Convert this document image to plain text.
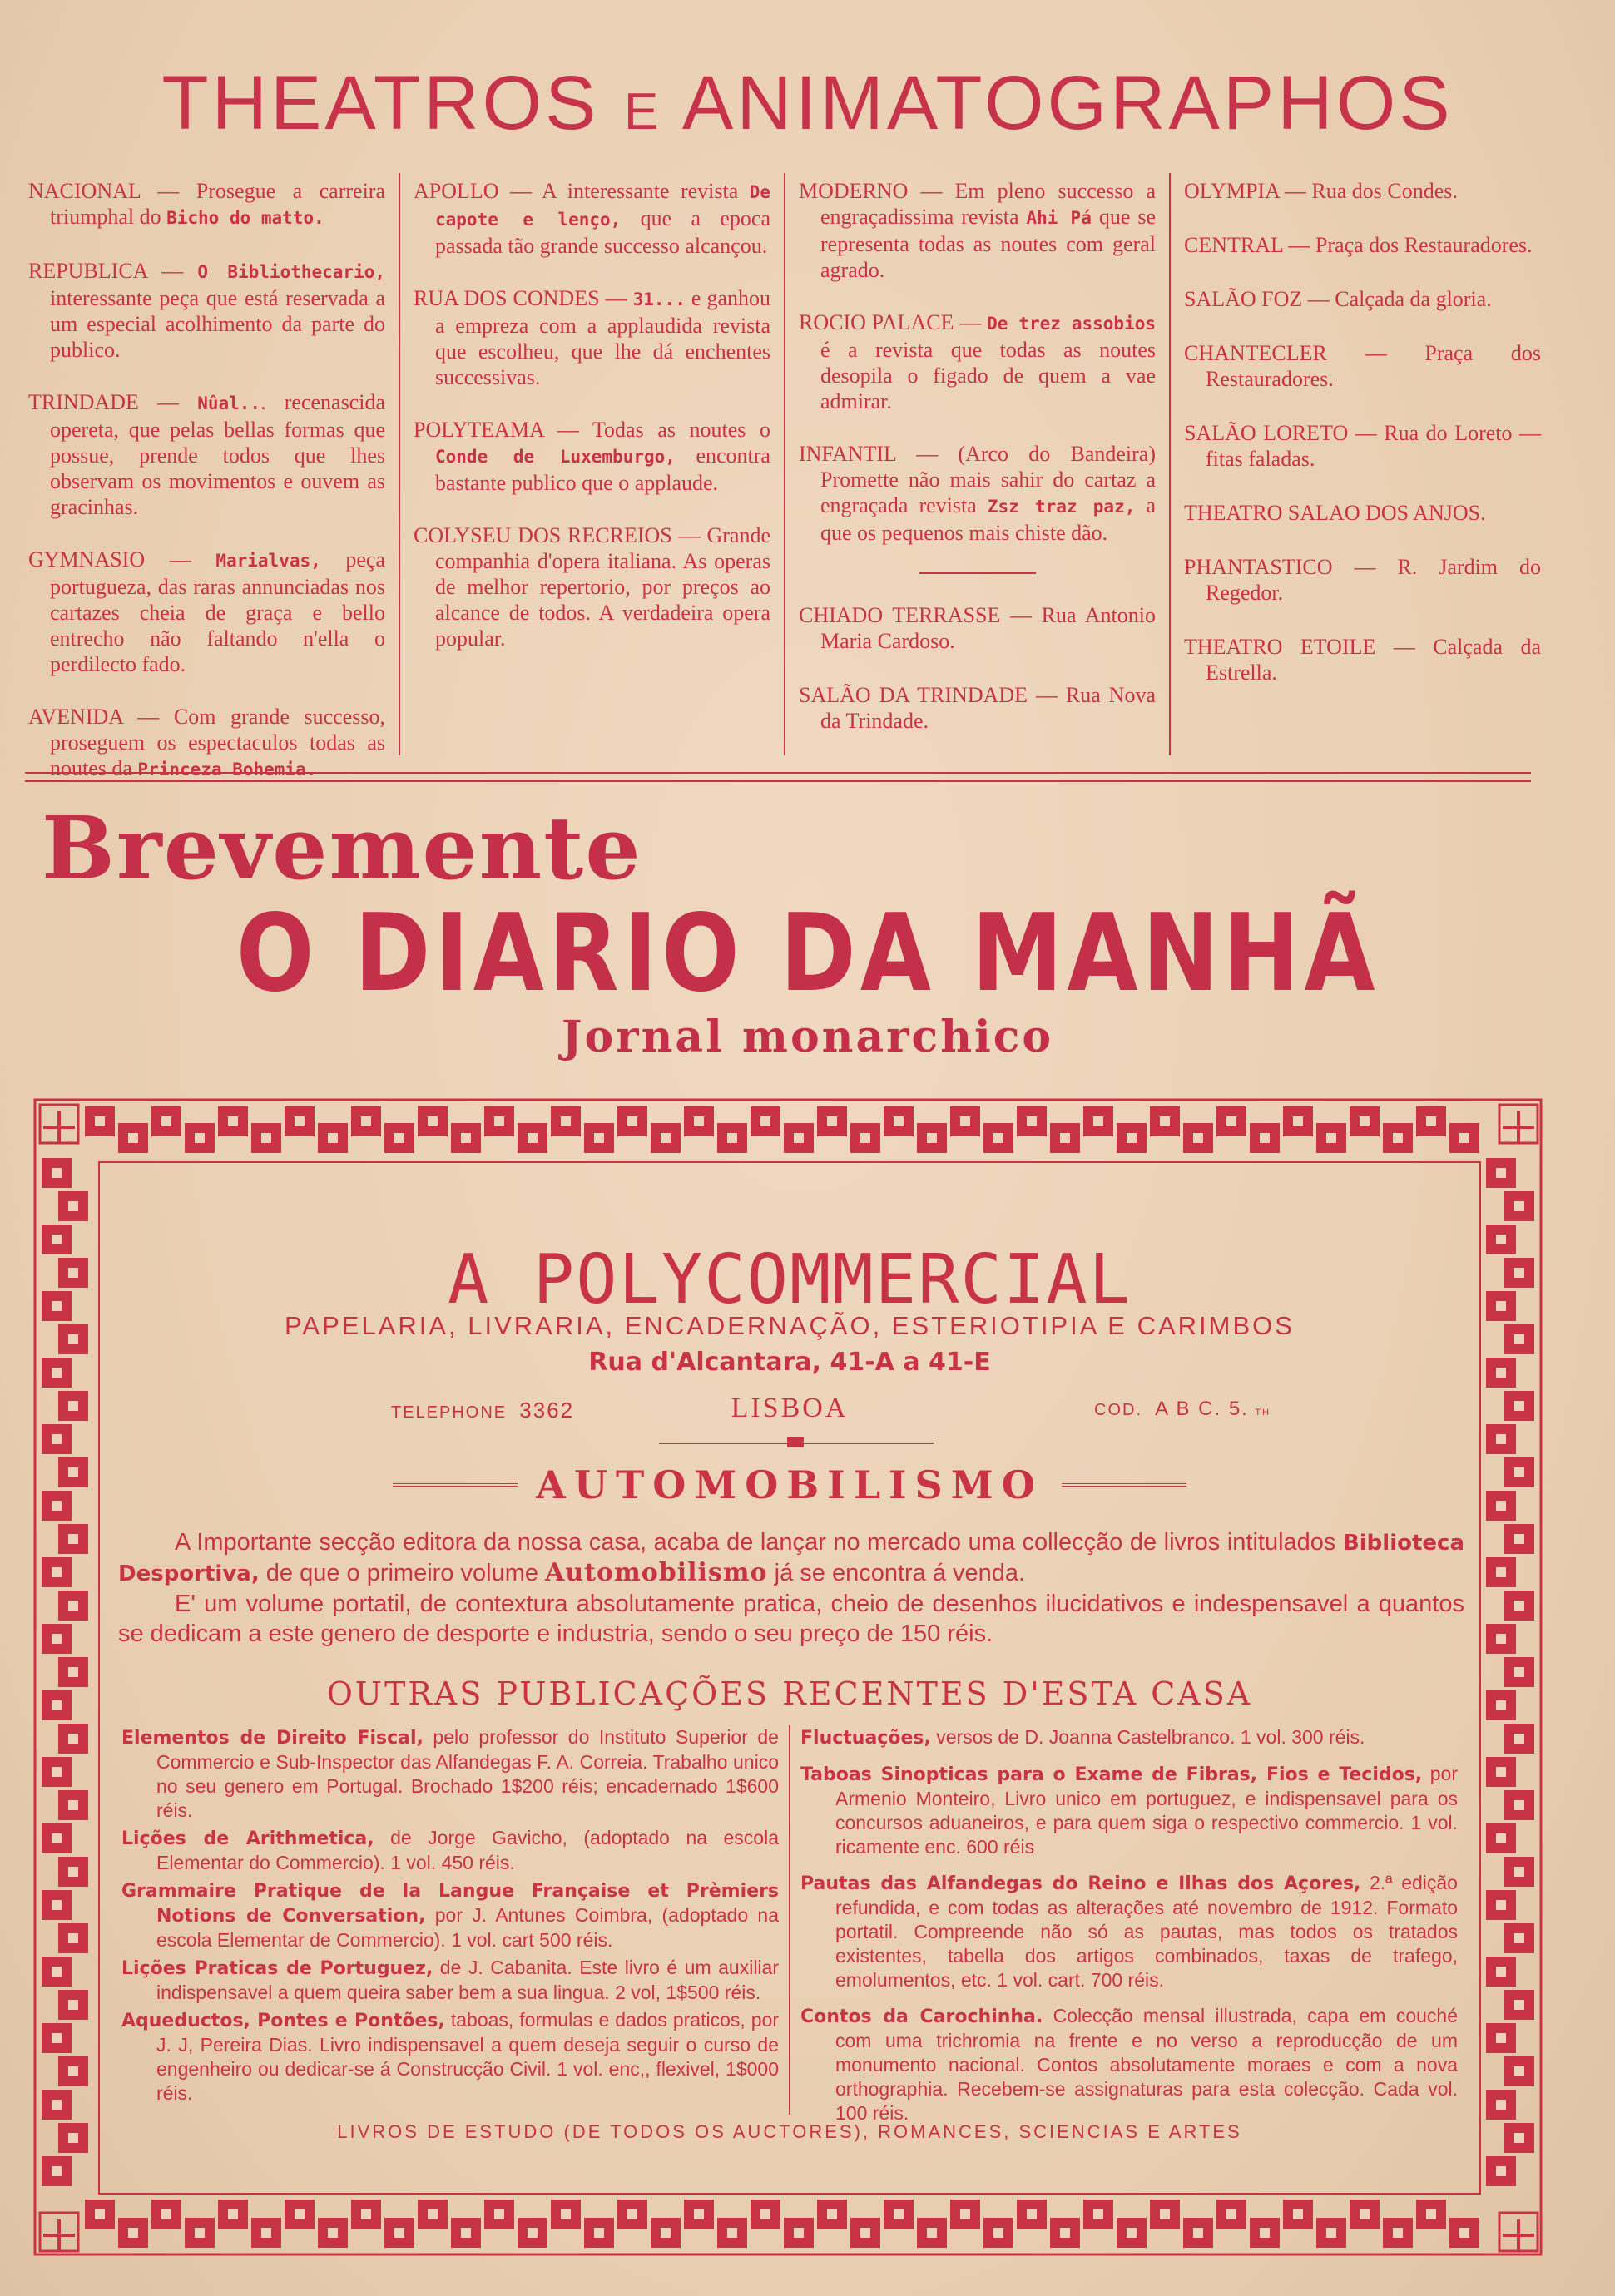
THEATROS E ANIMATOGRAPHOS

NACIONAL — Prosegue a carreira triumphal do Bicho do matto.

REPUBLICA — O Bibliothecario, interessante peça que está reservada a um especial acolhimento da parte do publico.

TRINDADE — Nûal... recenascida opereta, que pelas bellas formas que possue, prende todos que lhes observam os movimentos e ouvem as gracinhas.

GYMNASIO — Marialvas, peça portugueza, das raras annunciadas nos cartazes cheia de graça e bello entrecho não faltando n'ella o perdilecto fado.

AVENIDA — Com grande successo, proseguem os espectaculos todas as noutes da Princeza Bohemia.

APOLLO — A interessante revista De capote e lenço, que a epoca passada tão grande successo alcançou.

RUA DOS CONDES — 31... e ganhou a empreza com a applaudida revista que escolheu, que lhe dá enchentes successivas.

POLYTEAMA — Todas as noutes o Conde de Luxemburgo, encontra bastante publico que o applaude.

COLYSEU DOS RECREIOS — Grande companhia d'opera italiana. As operas de melhor repertorio, por preços ao alcance de todos. A verdadeira opera popular.

MODERNO — Em pleno successo a engraçadissima revista Ahi Pá que se representa todas as noutes com geral agrado.

ROCIO PALACE — De trez assobios é a revista que todas as noutes desopila o figado de quem a vae admirar.

INFANTIL — (Arco do Bandeira) Promette não mais sahir do cartaz a engraçada revista Zsz traz paz, a que os pequenos mais chiste dão.

CHIADO TERRASSE — Rua Antonio Maria Cardoso.

SALÃO DA TRINDADE — Rua Nova da Trindade.

OLYMPIA — Rua dos Condes.

CENTRAL — Praça dos Restauradores.

SALÃO FOZ — Calçada da gloria.

CHANTECLER — Praça dos Restauradores.

SALÃO LORETO — Rua do Loreto — fitas faladas.

THEATRO SALAO DOS ANJOS.

PHANTASTICO — R. Jardim do Regedor.

THEATRO ETOILE — Calçada da Estrella.

Brevemente
O DIARIO DA MANHÃ
Jornal monarchico
A POLYCOMMERCIAL
PAPELARIA, LIVRARIA, ENCADERNAÇÃO, ESTERIOTIPIA E CARIMBOS
Rua d'Alcantara, 41-A a 41-E
TELEPHONE 3362	LISBOA	COD. A B C. 5. TH
AUTOMOBILISMO

A Importante secção editora da nossa casa, acaba de lançar no mercado uma collecção de livros intitulados Biblioteca Desportiva, de que o primeiro volume Automobilismo já se encontra á venda.

E' um volume portatil, de contextura absolutamente pratica, cheio de desenhos ilucidativos e indespensavel a quantos se dedicam a este genero de desporte e industria, sendo o seu preço de 150 réis.

OUTRAS PUBLICAÇÕES RECENTES D'ESTA CASA

Elementos de Direito Fiscal, pelo professor do Instituto Superior de Commercio e Sub-Inspector das Alfandegas F. A. Correia. Trabalho unico no seu genero em Portugal. Brochado 1$200 réis; encadernado 1$600 réis.

Lições de Arithmetica, de Jorge Gavicho, (adoptado na escola Elementar do Commercio). 1 vol. 450 réis.

Grammaire Pratique de la Langue Française et Prèmiers Notions de Conversation, por J. Antunes Coimbra, (adoptado na escola Elementar de Commercio). 1 vol. cart 500 réis.

Lições Praticas de Portuguez, de J. Cabanita. Este livro é um auxiliar indispensavel a quem queira saber bem a sua lingua. 2 vol, 1$500 réis.

Aqueductos, Pontes e Pontões, taboas, formulas e dados praticos, por J. J, Pereira Dias. Livro indispensavel a quem deseja seguir o curso de engenheiro ou dedicar-se á Construcção Civil. 1 vol. enc,, flexivel, 1$000 réis.

Fluctuações, versos de D. Joanna Castelbranco. 1 vol. 300 réis.

Taboas Sinopticas para o Exame de Fibras, Fios e Tecidos, por Armenio Monteiro, Livro unico em portuguez, e indispensavel para os concursos aduaneiros, e para quem siga o respectivo commercio. 1 vol. ricamente enc. 600 réis

Pautas das Alfandegas do Reino e Ilhas dos Açores, 2.ª edição refundida, e com todas as alterações até novembro de 1912. Formato portatil. Compreende não só as pautas, mas todos os tratados existentes, tabella dos artigos combinados, taxas de trafego, emolumentos, etc. 1 vol. cart. 700 réis.

Contos da Carochinha. Colecção mensal illustrada, capa em couché com uma trichromia na frente e no verso a reproducção de um monumento nacional. Contos absolutamente moraes e com a nova orthographia. Recebem-se assignaturas para esta colecção. Cada vol. 100 réis.

LIVROS DE ESTUDO (DE TODOS OS AUCTORES), ROMANCES, SCIENCIAS E ARTES
